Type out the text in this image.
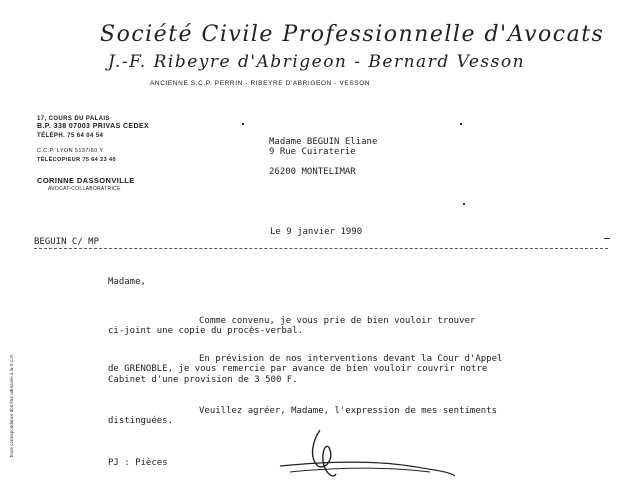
Société Civile Professionnelle d'Avocats
J.-F. Ribeyre d'Abrigeon - Bernard Vesson
ANCIENNE S.C.P. PERRIN - RIBEYRE D'ABRIGEON - VESSON
17, COURS DU PALAIS
B.P. 338 07003 PRIVAS CEDEX
TÉLÉPH. 75 64 04 54
C.C.P. LYON 5137/60 Y
TÉLÉCOPIEUR 75 64 23 40
CORINNE DASSONVILLE
AVOCAT-COLLABORATRICE
Madame BEGUIN Eliane
9 Rue Cuiraterie
26200 MONTELIMAR
Le 9 janvier 1990
BEGUIN C/ MP
Madame,
Comme convenu, je vous prie de bien vouloir trouver
ci-joint une copie du procès-verbal.
En prévision de nos interventions devant la Cour d'Appel
de GRENOBLE, je vous remercie par avance de bien vouloir couvrir notre
Cabinet d'une provision de 3 500 F.
Veuillez agréer, Madame, l'expression de mes sentiments
distinguées.
PJ : Pièces
Toute correspondance doit être adressée à la S.C.P.
